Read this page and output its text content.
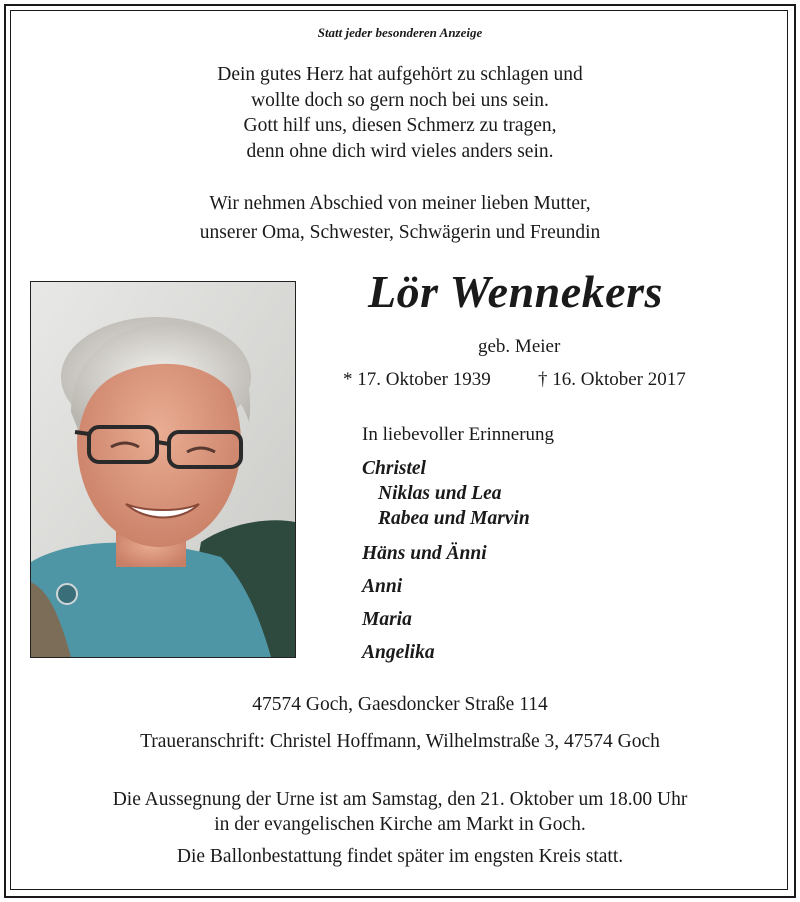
Statt jeder besonderen Anzeige
Dein gutes Herz hat aufgehört zu schlagen und
wollte doch so gern noch bei uns sein.
Gott hilf uns, diesen Schmerz zu tragen,
denn ohne dich wird vieles anders sein.
Wir nehmen Abschied von meiner lieben Mutter,
unserer Oma, Schwester, Schwägerin und Freundin
Lör Wennekers
geb. Meier
* 17. Oktober 1939 † 16. Oktober 2017
In liebevoller Erinnerung
Christel
Niklas und Lea
Rabea und Marvin
Häns und Änni
Anni
Maria
Angelika
47574 Goch, Gaesdoncker Straße 114
Traueranschrift: Christel Hoffmann, Wilhelmstraße 3, 47574 Goch
Die Aussegnung der Urne ist am Samstag, den 21. Oktober um 18.00 Uhr
in der evangelischen Kirche am Markt in Goch.
Die Ballonbestattung findet später im engsten Kreis statt.
